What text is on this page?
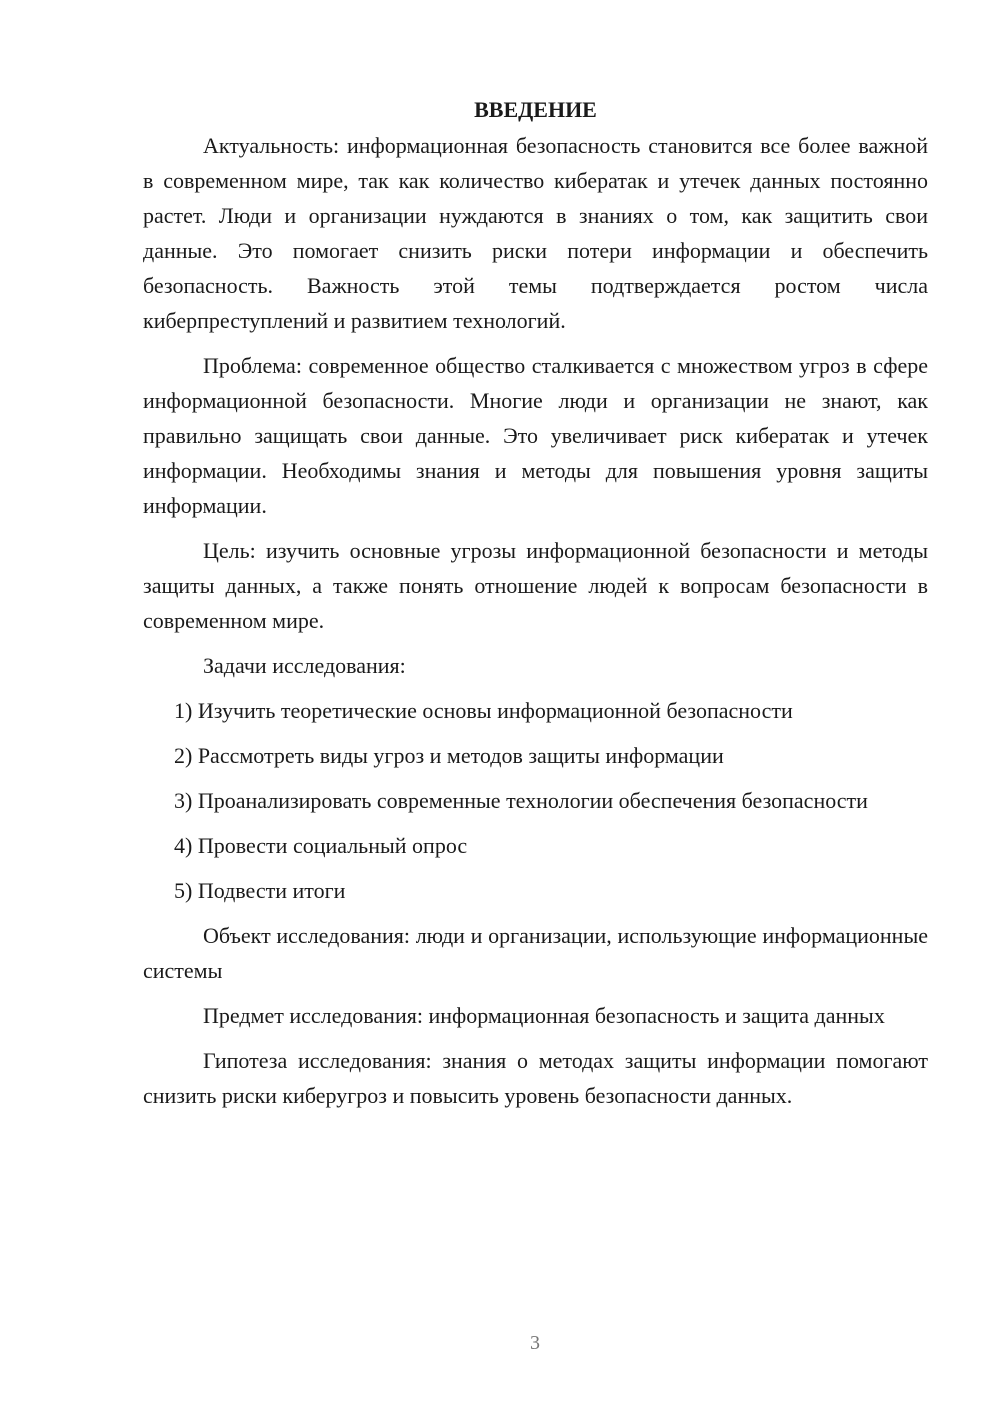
ВВЕДЕНИЕ

Актуальность: информационная безопасность становится все более важной в современном мире, так как количество кибератак и утечек данных постоянно растет. Люди и организации нуждаются в знаниях о том, как защитить свои данные. Это помогает снизить риски потери информации и обеспечить безопасность. Важность этой темы подтверждается ростом числа киберпреступлений и развитием технологий.

Проблема: современное общество сталкивается с множеством угроз в сфере информационной безопасности. Многие люди и организации не знают, как правильно защищать свои данные. Это увеличивает риск кибератак и утечек информации. Необходимы знания и методы для повышения уровня защиты информации.

Цель: изучить основные угрозы информационной безопасности и методы защиты данных, а также понять отношение людей к вопросам безопасности в современном мире.

Задачи исследования:

1) Изучить теоретические основы информационной безопасности

2) Рассмотреть виды угроз и методов защиты информации

3) Проанализировать современные технологии обеспечения безопасности

4) Провести социальный опрос

5) Подвести итоги

Объект исследования: люди и организации, использующие информационные системы

Предмет исследования: информационная безопасность и защита данных

Гипотеза исследования: знания о методах защиты информации помогают снизить риски киберугроз и повысить уровень безопасности данных.

3
